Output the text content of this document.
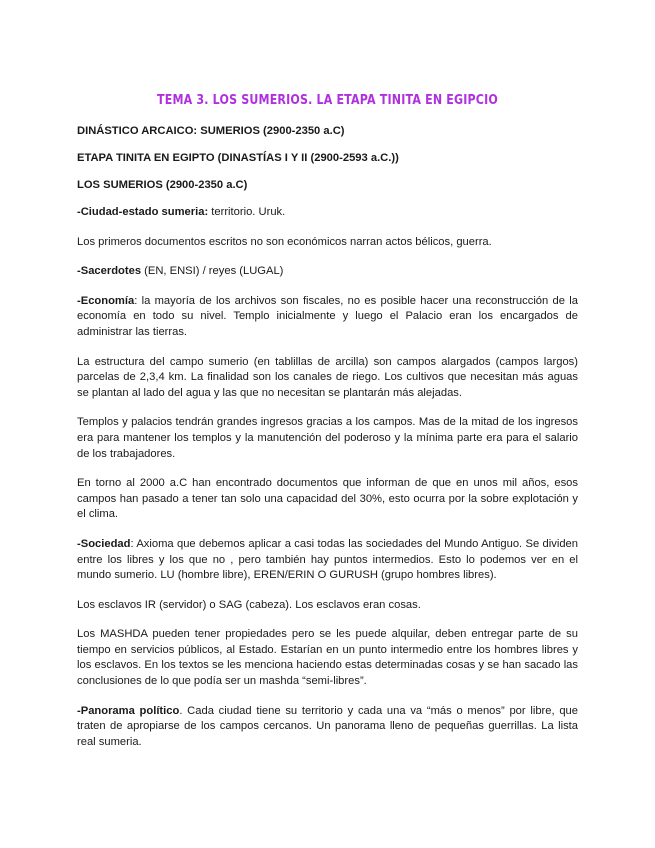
TEMA 3. LOS SUMERIOS. LA ETAPA TINITA EN EGIPCIO
DINÁSTICO ARCAICO: SUMERIOS (2900-2350 a.C)
ETAPA TINITA EN EGIPTO (DINASTÍAS I Y II (2900-2593 a.C.))
LOS SUMERIOS (2900-2350 a.C)

-Ciudad-estado sumeria: territorio. Uruk.

Los primeros documentos escritos no son económicos narran actos bélicos, guerra.

-Sacerdotes (EN, ENSI) / reyes (LUGAL)

-Economía: la mayoría de los archivos son fiscales, no es posible hacer una reconstrucción de la economía en todo su nivel. Templo inicialmente y luego el Palacio eran los encargados de administrar las tierras.

La estructura del campo sumerio (en tablillas de arcilla) son campos alargados (campos largos) parcelas de 2,3,4 km. La finalidad son los canales de riego. Los cultivos que necesitan más aguas se plantan al lado del agua y las que no necesitan se plantarán más alejadas.

Templos y palacios tendrán grandes ingresos gracias a los campos. Mas de la mitad de los ingresos era para mantener los templos y la manutención del poderoso y la mínima parte era para el salario de los trabajadores.

En torno al 2000 a.C han encontrado documentos que informan de que en unos mil años, esos campos han pasado a tener tan solo una capacidad del 30%, esto ocurra por la sobre explotación y el clima.

-Sociedad: Axioma que debemos aplicar a casi todas las sociedades del Mundo Antiguo. Se dividen entre los libres y los que no , pero también hay puntos intermedios. Esto lo podemos ver en el mundo sumerio. LU (hombre libre), EREN/ERIN O GURUSH (grupo hombres libres).

Los esclavos IR (servidor) o SAG (cabeza). Los esclavos eran cosas.

Los MASHDA pueden tener propiedades pero se les puede alquilar, deben entregar parte de su tiempo en servicios públicos, al Estado. Estarían en un punto intermedio entre los hombres libres y los esclavos. En los textos se les menciona haciendo estas determinadas cosas y se han sacado las conclusiones de lo que podía ser un mashda “semi-libres”.

-Panorama político. Cada ciudad tiene su territorio y cada una va “más o menos” por libre, que traten de apropiarse de los campos cercanos. Un panorama lleno de pequeñas guerrillas. La lista real sumeria.
